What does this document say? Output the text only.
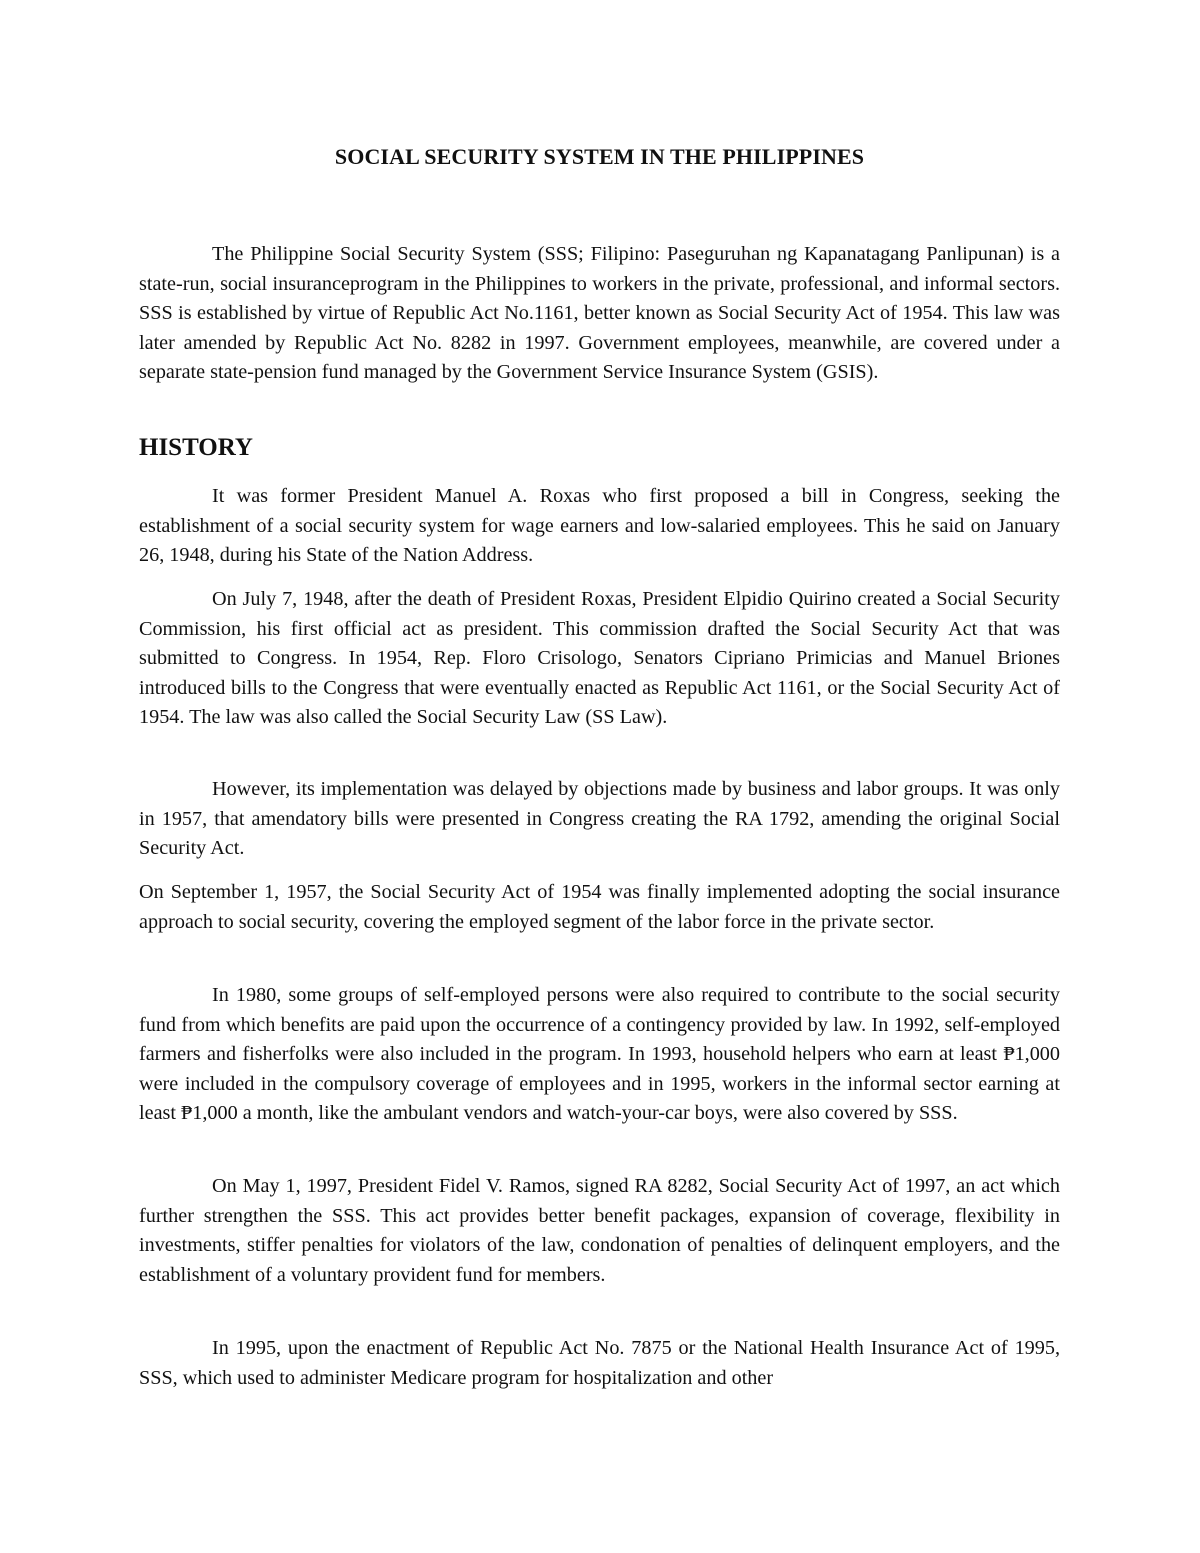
SOCIAL SECURITY SYSTEM IN THE PHILIPPINES

The Philippine Social Security System (SSS; Filipino: Paseguruhan ng Kapanatagang Panlipunan) is a state-run, social insuranceprogram in the Philippines to workers in the private, professional, and informal sectors. SSS is established by virtue of Republic Act No.1161, better known as Social Security Act of 1954. This law was later amended by Republic Act No. 8282 in 1997. Government employees, meanwhile, are covered under a separate state-pension fund managed by the Government Service Insurance System (GSIS).

HISTORY

It was former President Manuel A. Roxas who first proposed a bill in Congress, seeking the establishment of a social security system for wage earners and low-salaried employees. This he said on January 26, 1948, during his State of the Nation Address.

On July 7, 1948, after the death of President Roxas, President Elpidio Quirino created a Social Security Commission, his first official act as president. This commission drafted the Social Security Act that was submitted to Congress. In 1954, Rep. Floro Crisologo, Senators Cipriano Primicias and Manuel Briones introduced bills to the Congress that were eventually enacted as Republic Act 1161, or the Social Security Act of 1954. The law was also called the Social Security Law (SS Law).

However, its implementation was delayed by objections made by business and labor groups. It was only in 1957, that amendatory bills were presented in Congress creating the RA 1792, amending the original Social Security Act.

On September 1, 1957, the Social Security Act of 1954 was finally implemented adopting the social insurance approach to social security, covering the employed segment of the labor force in the private sector.

In 1980, some groups of self-employed persons were also required to contribute to the social security fund from which benefits are paid upon the occurrence of a contingency provided by law. In 1992, self-employed farmers and fisherfolks were also included in the program. In 1993, household helpers who earn at least ₱1,000 were included in the compulsory coverage of employees and in 1995, workers in the informal sector earning at least ₱1,000 a month, like the ambulant vendors and watch-your-car boys, were also covered by SSS.

On May 1, 1997, President Fidel V. Ramos, signed RA 8282, Social Security Act of 1997, an act which further strengthen the SSS. This act provides better benefit packages, expansion of coverage, flexibility in investments, stiffer penalties for violators of the law, condonation of penalties of delinquent employers, and the establishment of a voluntary provident fund for members.

In 1995, upon the enactment of Republic Act No. 7875 or the National Health Insurance Act of 1995, SSS, which used to administer Medicare program for hospitalization and other
